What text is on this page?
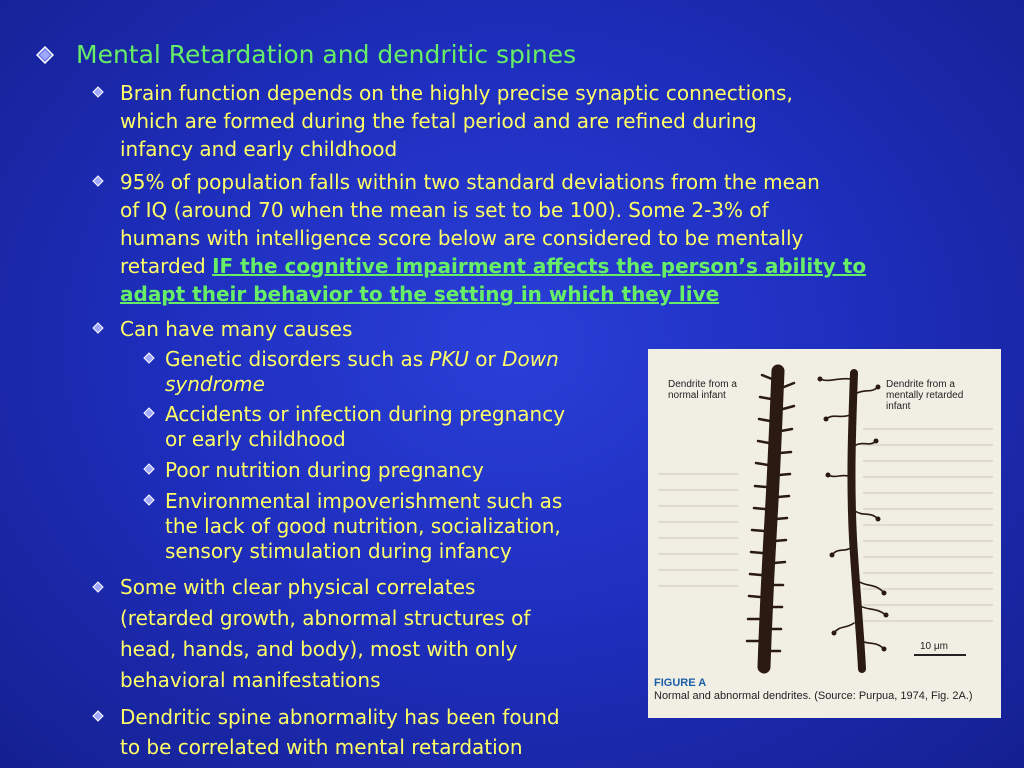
Mental Retardation and dendritic spines
Brain function depends on the highly precise synaptic connections,
which are formed during the fetal period and are refined during
infancy and early childhood
95% of population falls within two standard deviations from the mean
of IQ (around 70 when the mean is set to be 100). Some 2-3% of
humans with intelligence score below are considered to be mentally
retarded IF the cognitive impairment affects the person’s ability to
adapt their behavior to the setting in which they live
Can have many causes
Genetic disorders such as PKU or Down
syndrome
Accidents or infection during pregnancy
or early childhood
Poor nutrition during pregnancy
Environmental impoverishment such as
the lack of good nutrition, socialization,
sensory stimulation during infancy
Some with clear physical correlates
(retarded growth, abnormal structures of
head, hands, and body), most with only
behavioral manifestations
Dendritic spine abnormality has been found
to be correlated with mental retardation
Dendrite from a
normal infant
Dendrite from a
mentally retarded
infant
10 μm
FIGURE A
Normal and abnormal dendrites. (Source: Purpua, 1974, Fig. 2A.)
